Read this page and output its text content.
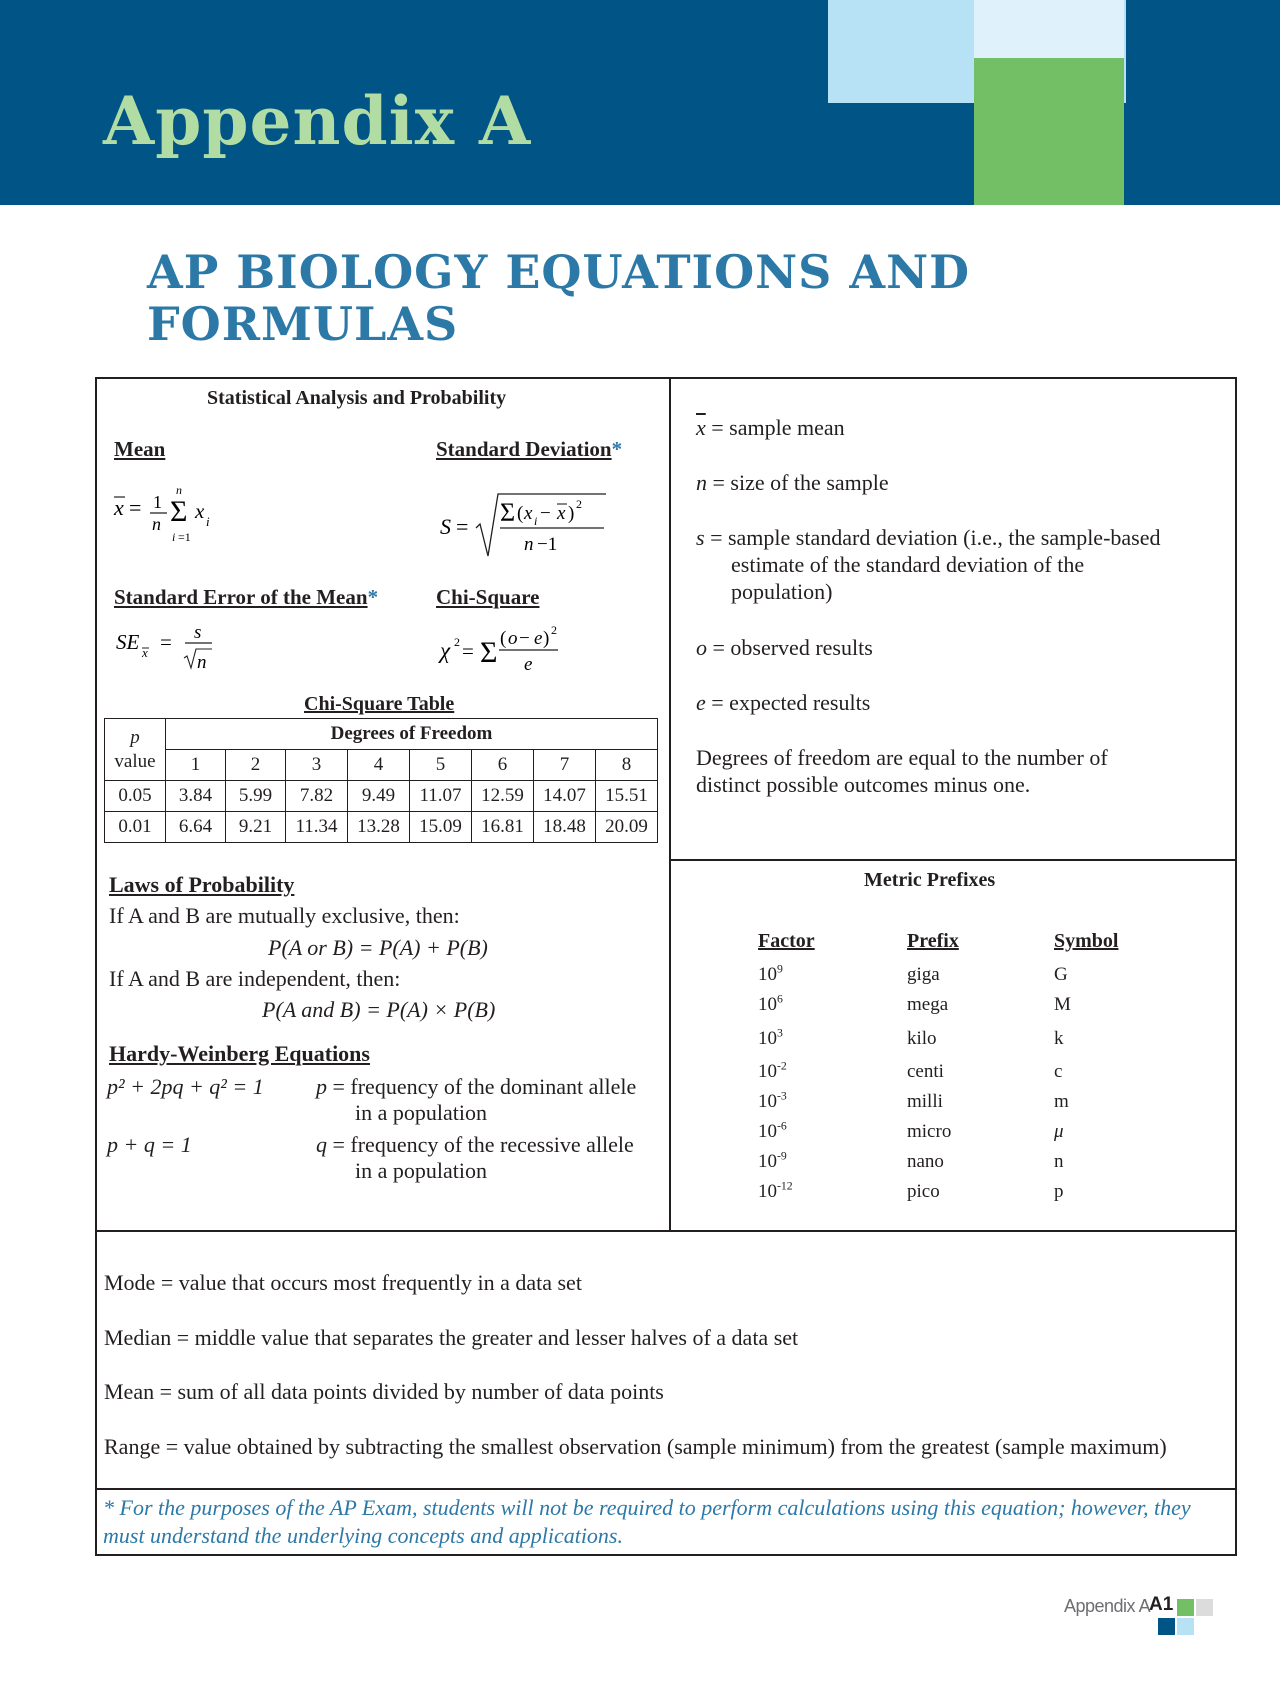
Appendix A
AP BIOLOGY EQUATIONS AND FORMULAS
Statistical Analysis and Probability
Mean	Standard Deviation*
x = 1
n Σ
n
i =1
x i	S = Σ ( x i − x ) 2
n −1
Standard Error of the Mean*	Chi-Square
SE x = s
n	χ 2 = Σ ( o − e ) 2
e
Chi-Square Table
p
value	Degrees of Freedom							
	1	2	3	4	5	6	7	8
0.05	3.84	5.99	7.82	9.49	11.07	12.59	14.07	15.51
0.01	6.64	9.21	11.34	13.28	15.09	16.81	18.48	20.09
Laws of Probability
If A and B are mutually exclusive, then:
P(A or B) = P(A) + P(B)
If A and B are independent, then:
P(A and B) = P(A) × P(B)
Hardy-Weinberg Equations
p² + 2pq + q² = 1 p = frequency of the dominant allele
in a population
p + q = 1	q = frequency of the recessive allele
in a population
$\overline{x}$ = sample mean
n = size of the sample
s = sample standard deviation (i.e., the sample-based
estimate of the standard deviation of the
population)
o = observed results
e = expected results
Degrees of freedom are equal to the number of
distinct possible outcomes minus one.
Metric Prefixes
Factor	Prefix	Symbol
$10^9$	giga	G
$10^6$	mega	M
$10^3$	kilo	k
$10^{-2}$	centi	c
$10^{-3}$	milli	m
$10^{-6}$	micro	μ
$10^{-9}$	nano	n
$10^{-12}$	pico	p
Mode = value that occurs most frequently in a data set
Median = middle value that separates the greater and lesser halves of a data set
Mean = sum of all data points divided by number of data points
Range = value obtained by subtracting the smallest observation (sample minimum) from the greatest (sample maximum)
* For the purposes of the AP Exam, students will not be required to perform calculations using this equation; however, they must understand the underlying concepts and applications.
Appendix A
A1
